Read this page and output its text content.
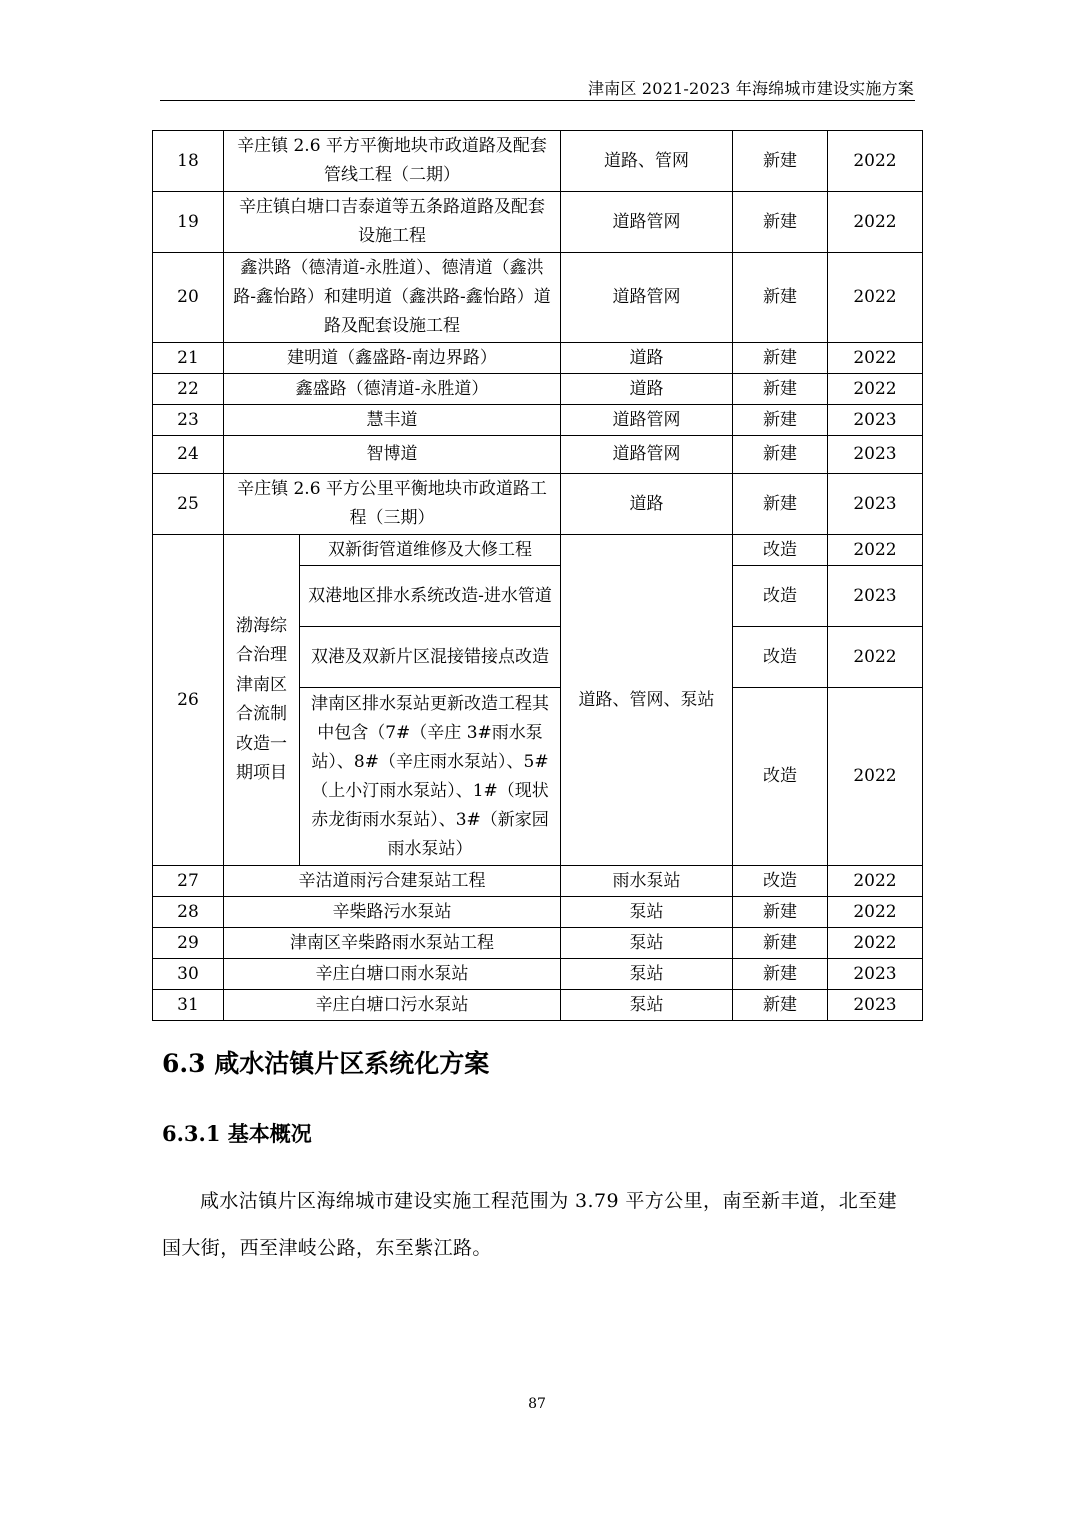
津南区 2021-2023 年海绵城市建设实施方案
18	辛庄镇 2.6 平方平衡地块市政道路及配套管线工程（二期）		道路、管网	新建	2022
19	辛庄镇白塘口吉泰道等五条路道路及配套设施工程		道路管网	新建	2022
20	鑫洪路（德清道-永胜道）、德清道（鑫洪路-鑫怡路）和建明道（鑫洪路-鑫怡路）道路及配套设施工程		道路管网	新建	2022
21	建明道（鑫盛路-南边界路）		道路	新建	2022
22	鑫盛路（德清道-永胜道）		道路	新建	2022
23	慧丰道		道路管网	新建	2023
24	智博道		道路管网	新建	2023
25	辛庄镇 2.6 平方公里平衡地块市政道路工程（三期）		道路	新建	2023
26	渤海综合治理津南区合流制改造一期项目	双新街管道维修及大修工程	道路、管网、泵站	改造	2022
		双港地区排水系统改造-进水管道		改造	2023
		双港及双新片区混接错接点改造		改造	2022
		津南区排水泵站更新改造工程其中包含（7#（辛庄 3#雨水泵站）、8#（辛庄雨水泵站）、5#（上小汀雨水泵站）、1#（现状赤龙街雨水泵站）、3#（新家园雨水泵站）		改造	2022
27	辛沽道雨污合建泵站工程		雨水泵站	改造	2022
28	辛柴路污水泵站		泵站	新建	2022
29	津南区辛柴路雨水泵站工程		泵站	新建	2022
30	辛庄白塘口雨水泵站		泵站	新建	2023
31	辛庄白塘口污水泵站		泵站	新建	2023
6.3 咸水沽镇片区系统化方案
6.3.1 基本概况

咸水沽镇片区海绵城市建设实施工程范围为 3.79 平方公里，南至新丰道，北至建国大街，西至津岐公路，东至紫江路。

87
